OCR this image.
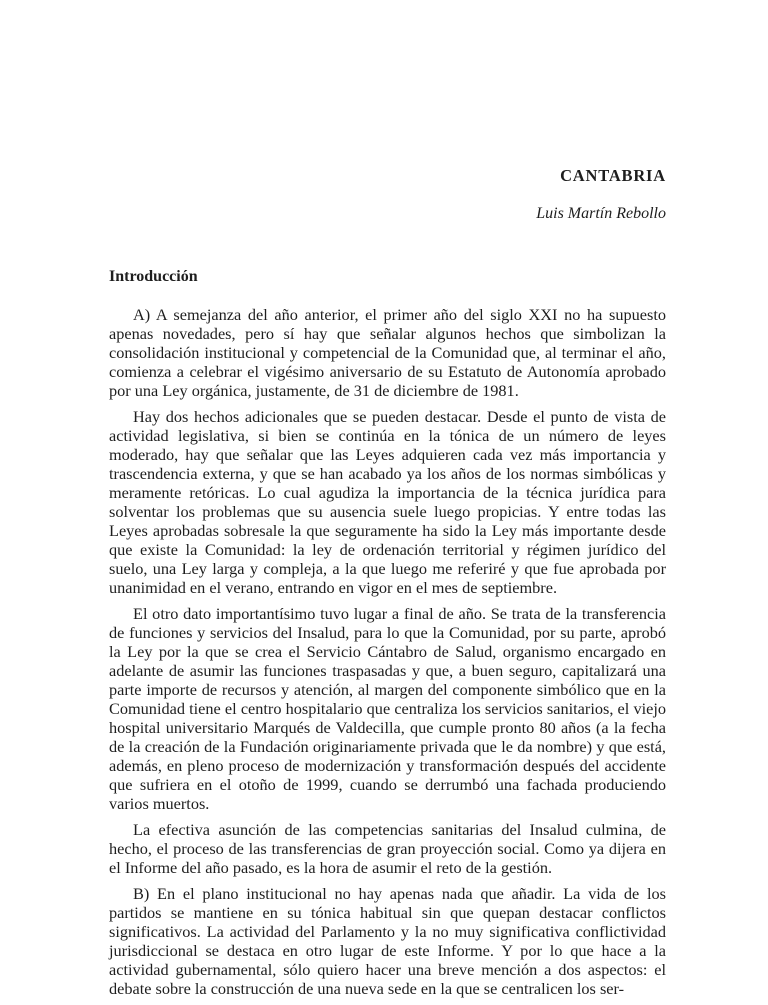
CANTABRIA
Luis Martín Rebollo
Introducción

A) A semejanza del año anterior, el primer año del siglo XXI no ha supuesto apenas novedades, pero sí hay que señalar algunos hechos que simbolizan la consolidación institucional y competencial de la Comunidad que, al terminar el año, comienza a celebrar el vigésimo aniversario de su Estatuto de Autonomía aprobado por una Ley orgánica, justamente, de 31 de diciembre de 1981.

Hay dos hechos adicionales que se pueden destacar. Desde el punto de vista de actividad legislativa, si bien se continúa en la tónica de un número de leyes moderado, hay que señalar que las Leyes adquieren cada vez más importancia y trascendencia externa, y que se han acabado ya los años de los normas simbólicas y meramente retóricas. Lo cual agudiza la importancia de la técnica jurídica para solventar los problemas que su ausencia suele luego propicias. Y entre todas las Leyes aprobadas sobresale la que seguramente ha sido la Ley más importante desde que existe la Comunidad: la ley de ordenación territorial y régimen jurídico del suelo, una Ley larga y compleja, a la que luego me referiré y que fue aprobada por unanimidad en el verano, entrando en vigor en el mes de septiembre.

El otro dato importantísimo tuvo lugar a final de año. Se trata de la transferencia de funciones y servicios del Insalud, para lo que la Comunidad, por su parte, aprobó la Ley por la que se crea el Servicio Cántabro de Salud, organismo encargado en adelante de asumir las funciones traspasadas y que, a buen seguro, capitalizará una parte importe de recursos y atención, al margen del componente simbólico que en la Comunidad tiene el centro hospitalario que centraliza los servicios sanitarios, el viejo hospital universitario Marqués de Valdecilla, que cumple pronto 80 años (a la fecha de la creación de la Fundación originariamente privada que le da nombre) y que está, además, en pleno proceso de modernización y transformación después del accidente que sufriera en el otoño de 1999, cuando se derrumbó una fachada produciendo varios muertos.

La efectiva asunción de las competencias sanitarias del Insalud culmina, de hecho, el proceso de las transferencias de gran proyección social. Como ya dijera en el Informe del año pasado, es la hora de asumir el reto de la gestión.

B) En el plano institucional no hay apenas nada que añadir. La vida de los partidos se mantiene en su tónica habitual sin que quepan destacar conflictos significativos. La actividad del Parlamento y la no muy significativa conflictividad jurisdiccional se destaca en otro lugar de este Informe. Y por lo que hace a la actividad gubernamental, sólo quiero hacer una breve mención a dos aspectos: el debate sobre la construcción de una nueva sede en la que se centralicen los ser-
